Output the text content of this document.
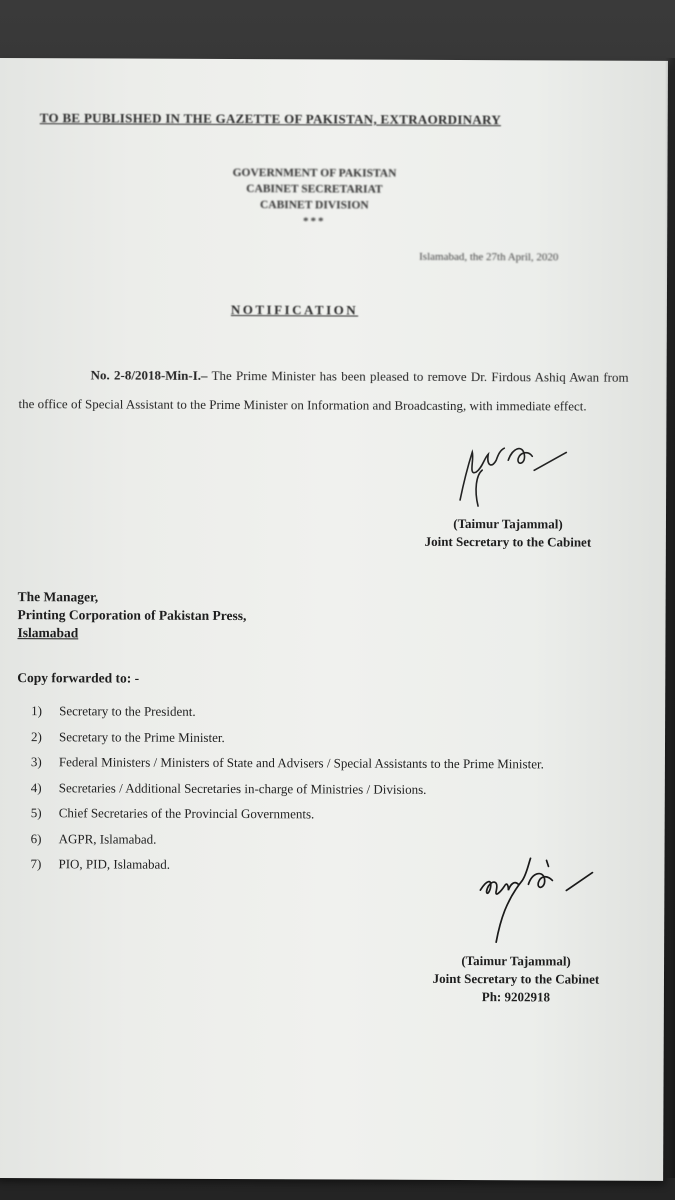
TO BE PUBLISHED IN THE GAZETTE OF PAKISTAN, EXTRAORDINARY
GOVERNMENT OF PAKISTAN
CABINET SECRETARIAT
CABINET DIVISION
***
Islamabad, the 27th April, 2020
NOTIFICATION
No. 2-8/2018-Min-I.– The Prime Minister has been pleased to remove Dr. Firdous Ashiq Awan from the office of Special Assistant to the Prime Minister on Information and Broadcasting, with immediate effect.
(Taimur Tajammal)
Joint Secretary to the Cabinet
The Manager,
Printing Corporation of Pakistan Press,
Islamabad
Copy forwarded to: -
1)	Secretary to the President.
2)	Secretary to the Prime Minister.
3)	Federal Ministers / Ministers of State and Advisers / Special Assistants to the Prime Minister.
4)	Secretaries / Additional Secretaries in-charge of Ministries / Divisions.
5)	Chief Secretaries of the Provincial Governments.
6)	AGPR, Islamabad.
7)	PIO, PID, Islamabad.
(Taimur Tajammal)
Joint Secretary to the Cabinet
Ph: 9202918
